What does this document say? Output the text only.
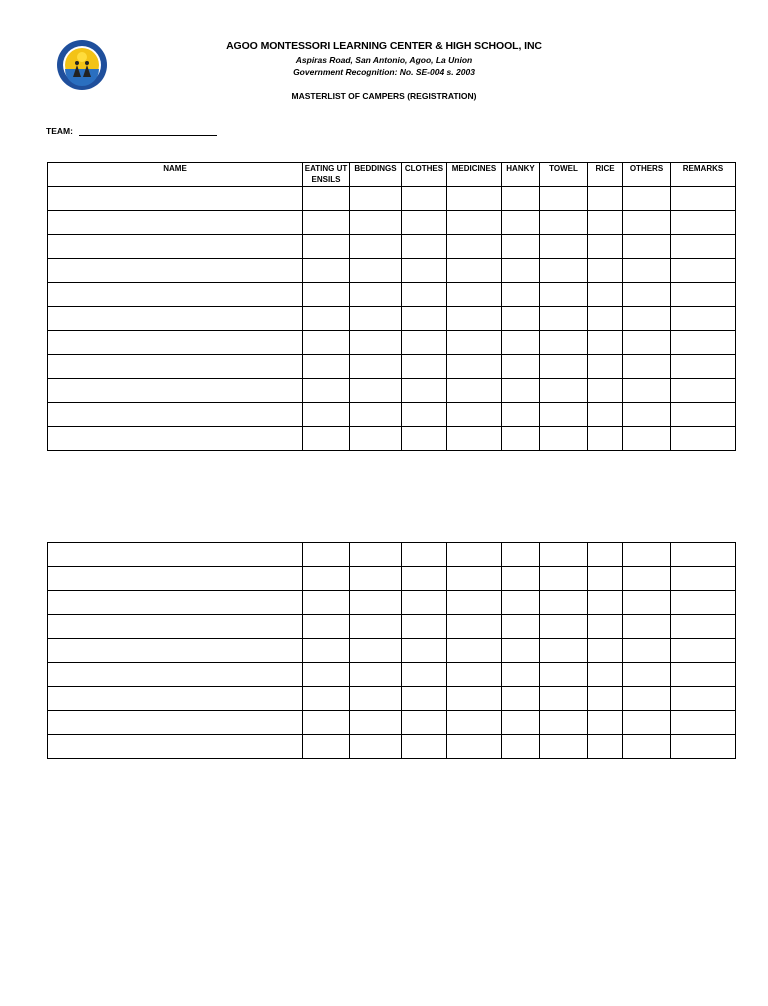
AGOO MONTESSORI LEARNING CENTER & HIGH SCHOOL, INC
Aspiras Road, San Antonio, Agoo, La Union
Government Recognition: No. SE-004 s. 2003
MASTERLIST OF CAMPERS (REGISTRATION)
TEAM:
NAME	EATING UTENSILS	BEDDINGS	CLOTHES	MEDICINES	HANKY	TOWEL	RICE	OTHERS	REMARKS
